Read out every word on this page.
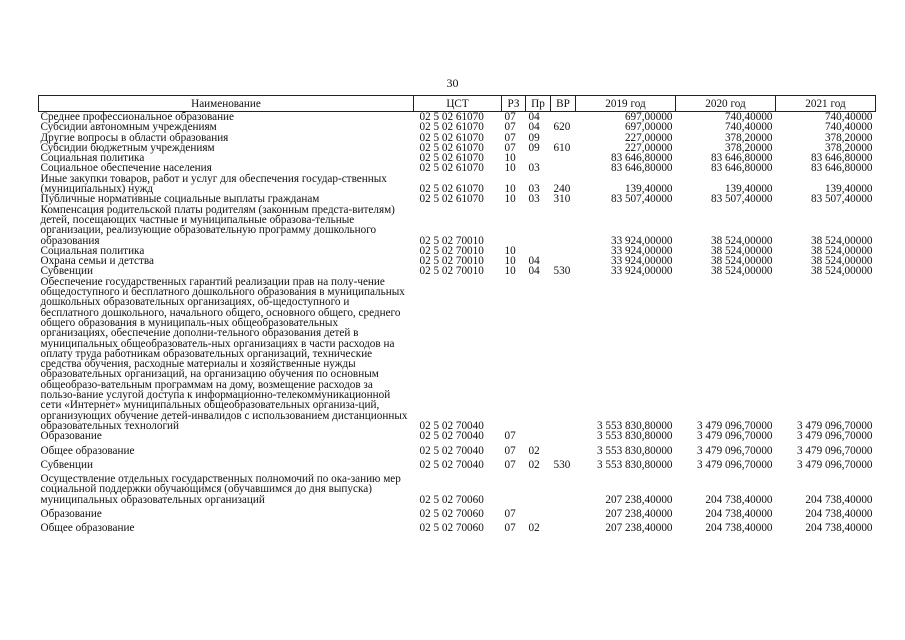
30
Наименование	ЦСТ	РЗ	Пр	ВР	2019 год	2020 год	2021 год
Среднее профессиональное образование	02 5 02 61070	07	04		697,00000	740,40000	740,40000
Субсидии автономным учреждениям	02 5 02 61070	07	04	620	697,00000	740,40000	740,40000
Другие вопросы в области образования	02 5 02 61070	07	09		227,00000	378,20000	378,20000
Субсидии бюджетным учреждениям	02 5 02 61070	07	09	610	227,00000	378,20000	378,20000
Социальная политика	02 5 02 61070	10			83 646,80000	83 646,80000	83 646,80000
Социальное обеспечение населения	02 5 02 61070	10	03		83 646,80000	83 646,80000	83 646,80000
Иные закупки товаров, работ и услуг для обеспечения государ-ственных (муниципальных) нужд	02 5 02 61070	10	03	240	139,40000	139,40000	139,40000
Публичные нормативные социальные выплаты гражданам	02 5 02 61070	10	03	310	83 507,40000	83 507,40000	83 507,40000
Компенсация родительской платы родителям (законным предста-вителям) детей, посещающих частные и муниципальные образова-тельные организации, реализующие образовательную программу дошкольного образования	02 5 02 70010				33 924,00000	38 524,00000	38 524,00000
Социальная политика	02 5 02 70010	10			33 924,00000	38 524,00000	38 524,00000
Охрана семьи и детства	02 5 02 70010	10	04		33 924,00000	38 524,00000	38 524,00000
Субвенции	02 5 02 70010	10	04	530	33 924,00000	38 524,00000	38 524,00000
Обеспечение государственных гарантий реализации прав на полу-чение общедоступного и бесплатного дошкольного образования в муниципальных дошкольных образовательных организациях, об-щедоступного и бесплатного дошкольного, начального общего, основного общего, среднего общего образования в муниципаль-ных общеобразовательных организациях, обеспечение дополни-тельного образования детей в муниципальных общеобразователь-ных организациях в части расходов на оплату труда работникам образовательных организаций, технические средства обучения, расходные материалы и хозяйственные нужды образовательных организаций, на организацию обучения по основным общеобразо-вательным программам на дому, возмещение расходов за пользо-вание услугой доступа к информационно-телекоммуникационной сети «Интернет» муниципальных общеобразовательных организа-ций, организующих обучение детей-инвалидов с использованием дистанционных образовательных технологий	02 5 02 70040				3 553 830,80000	3 479 096,70000	3 479 096,70000
Образование	02 5 02 70040	07			3 553 830,80000	3 479 096,70000	3 479 096,70000
Общее образование	02 5 02 70040	07	02		3 553 830,80000	3 479 096,70000	3 479 096,70000
Субвенции	02 5 02 70040	07	02	530	3 553 830,80000	3 479 096,70000	3 479 096,70000
Осуществление отдельных государственных полномочий по ока-занию мер социальной поддержки обучающимся (обучавшимся до дня выпуска) муниципальных образовательных организаций	02 5 02 70060				207 238,40000	204 738,40000	204 738,40000
Образование	02 5 02 70060	07			207 238,40000	204 738,40000	204 738,40000
Общее образование	02 5 02 70060	07	02		207 238,40000	204 738,40000	204 738,40000
